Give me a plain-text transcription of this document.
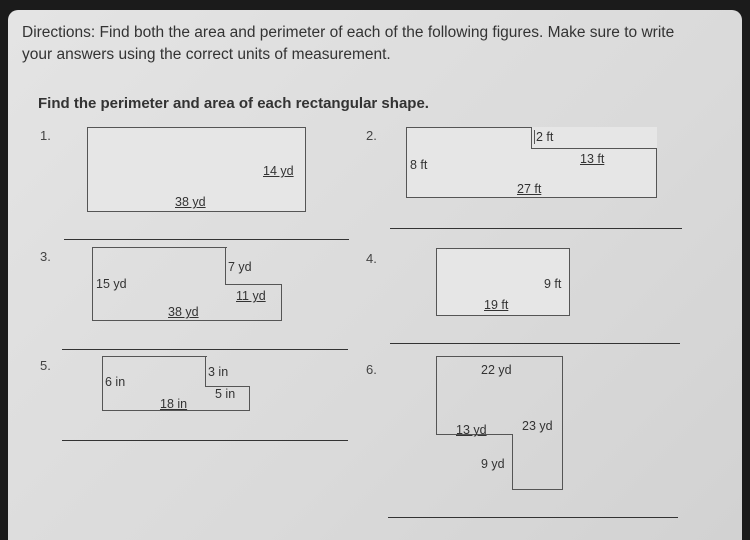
Directions: Find both the area and perimeter of each of the following figures. Make sure to write
your answers using the correct units of measurement.
Find the perimeter and area of each rectangular shape.
1.
14 yd
38 yd
2.	2 ft
8 ft	13 ft
27 ft
3.
7 yd
15 yd
11 yd
38 yd
4.
9 ft
19 ft
5.	3 in
6 in
5 in
18 in
6.	22 yd
13 yd	23 yd
9 yd
